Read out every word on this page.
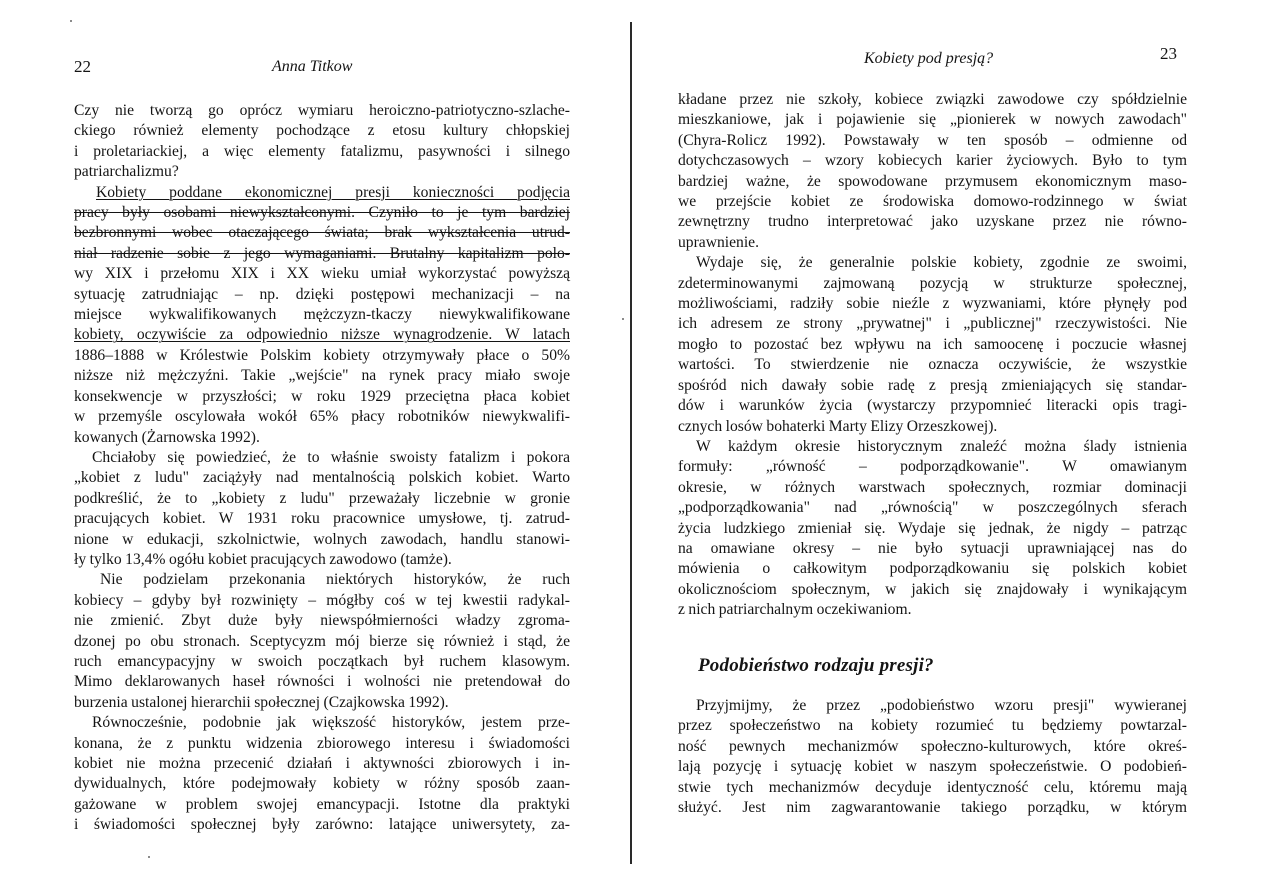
22	Anna Titkow

Czy nie tworzą go oprócz wymiaru heroiczno-patriotyczno-szlache-
ckiego również elementy pochodzące z etosu kultury chłopskiej
i proletariackiej, a więc elementy fatalizmu, pasywności i silnego
patriarchalizmu?

Kobiety poddane ekonomicznej presji konieczności podjęcia

pracy były osobami niewykształconymi. Czyniło to je tym bardziej
bezbronnymi wobec otaczającego świata; brak wykształcenia utrud-
niał radzenie sobie z jego wymaganiami. Brutalny kapitalizm polo-
wy XIX i przełomu XIX i XX wieku umiał wykorzystać powyższą
sytuację zatrudniając – np. dzięki postępowi mechanizacji – na
miejsce wykwalifikowanych mężczyzn-tkaczy niewykwalifikowane
kobiety, oczywiście za odpowiednio niższe wynagrodzenie. W latach
1886–1888 w Królestwie Polskim kobiety otrzymywały płace o 50%
niższe niż mężczyźni. Takie „wejście" na rynek pracy miało swoje
konsekwencje w przyszłości; w roku 1929 przeciętna płaca kobiet
w przemyśle oscylowała wokół 65% płacy robotników niewykwalifi-
kowanych (Żarnowska 1992).

Chciałoby się powiedzieć, że to właśnie swoisty fatalizm i pokora

„kobiet z ludu" zaciążyły nad mentalnością polskich kobiet. Warto
podkreślić, że to „kobiety z ludu" przeważały liczebnie w gronie
pracujących kobiet. W 1931 roku pracownice umysłowe, tj. zatrud-
nione w edukacji, szkolnictwie, wolnych zawodach, handlu stanowi-
ły tylko 13,4% ogółu kobiet pracujących zawodowo (tamże).

Nie podzielam przekonania niektórych historyków, że ruch

kobiecy – gdyby był rozwinięty – mógłby coś w tej kwestii radykal-
nie zmienić. Zbyt duże były niewspółmierności władzy zgroma-
dzonej po obu stronach. Sceptycyzm mój bierze się również i stąd, że
ruch emancypacyjny w swoich początkach był ruchem klasowym.
Mimo deklarowanych haseł równości i wolności nie pretendował do
burzenia ustalonej hierarchii społecznej (Czajkowska 1992).

Równocześnie, podobnie jak większość historyków, jestem prze-

konana, że z punktu widzenia zbiorowego interesu i świadomości
kobiet nie można przecenić działań i aktywności zbiorowych i in-
dywidualnych, które podejmowały kobiety w różny sposób zaan-
gażowane w problem swojej emancypacji. Istotne dla praktyki
i świadomości społecznej były zarówno: latające uniwersytety, za-

Kobiety pod presją?	23

kładane przez nie szkoły, kobiece związki zawodowe czy spółdzielnie
mieszkaniowe, jak i pojawienie się „pionierek w nowych zawodach"
(Chyra-Rolicz 1992). Powstawały w ten sposób – odmienne od
dotychczasowych – wzory kobiecych karier życiowych. Było to tym
bardziej ważne, że spowodowane przymusem ekonomicznym maso-
we przejście kobiet ze środowiska domowo-rodzinnego w świat
zewnętrzny trudno interpretować jako uzyskane przez nie równo-
uprawnienie.

Wydaje się, że generalnie polskie kobiety, zgodnie ze swoimi,

zdeterminowanymi zajmowaną pozycją w strukturze społecznej,
możliwościami, radziły sobie nieźle z wyzwaniami, które płynęły pod
ich adresem ze strony „prywatnej" i „publicznej" rzeczywistości. Nie
mogło to pozostać bez wpływu na ich samoocenę i poczucie własnej
wartości. To stwierdzenie nie oznacza oczywiście, że wszystkie
spośród nich dawały sobie radę z presją zmieniających się standar-
dów i warunków życia (wystarczy przypomnieć literacki opis tragi-
cznych losów bohaterki Marty Elizy Orzeszkowej).

W każdym okresie historycznym znaleźć można ślady istnienia

formuły: „równość – podporządkowanie". W omawianym
okresie, w różnych warstwach społecznych, rozmiar dominacji
„podporządkowania" nad „równością" w poszczególnych sferach
życia ludzkiego zmieniał się. Wydaje się jednak, że nigdy – patrząc
na omawiane okresy – nie było sytuacji uprawniającej nas do
mówienia o całkowitym podporządkowaniu się polskich kobiet
okolicznościom społecznym, w jakich się znajdowały i wynikającym
z nich patriarchalnym oczekiwaniom.

Podobieństwo rodzaju presji?

Przyjmijmy, że przez „podobieństwo wzoru presji" wywieranej

przez społeczeństwo na kobiety rozumieć tu będziemy powtarzal-
ność pewnych mechanizmów społeczno-kulturowych, które okreś-
lają pozycję i sytuację kobiet w naszym społeczeństwie. O podobień-
stwie tych mechanizmów decyduje identyczność celu, któremu mają
służyć. Jest nim zagwarantowanie takiego porządku, w którym
